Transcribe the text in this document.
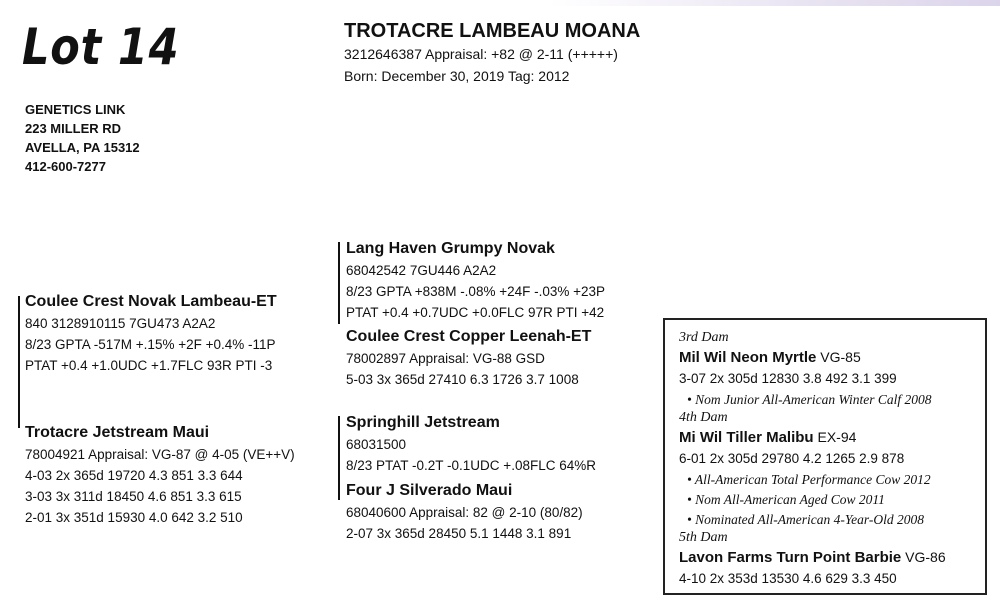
Lot 14
GENETICS LINK
223 MILLER RD
AVELLA, PA 15312
412-600-7277
TROTACRE LAMBEAU MOANA
3212646387 Appraisal: +82 @ 2-11 (+++++)
Born: December 30, 2019 Tag: 2012
Lang Haven Grumpy Novak
68042542 7GU446 A2A2
8/23 GPTA +838M -.08% +24F -.03% +23P
PTAT +0.4 +0.7UDC +0.0FLC 97R PTI +42
Coulee Crest Novak Lambeau-ET
840 3128910115 7GU473 A2A2
8/23 GPTA -517M +.15% +2F +0.4% -11P
PTAT +0.4 +1.0UDC +1.7FLC 93R PTI -3
Coulee Crest Copper Leenah-ET
78002897 Appraisal: VG-88 GSD
5-03 3x 365d 27410 6.3 1726 3.7 1008
Trotacre Jetstream Maui
78004921 Appraisal: VG-87 @ 4-05 (VE++V)
4-03 2x 365d 19720 4.3 851 3.3 644
3-03 3x 311d 18450 4.6 851 3.3 615
2-01 3x 351d 15930 4.0 642 3.2 510
Springhill Jetstream
68031500
8/23 PTAT -0.2T -0.1UDC +.08FLC 64%R
Four J Silverado Maui
68040600 Appraisal: 82 @ 2-10 (80/82)
2-07 3x 365d 28450 5.1 1448 3.1 891
3rd Dam
Mil Wil Neon Myrtle VG-85
3-07 2x 305d 12830 3.8 492 3.1 399
• Nom Junior All-American Winter Calf 2008
4th Dam
Mi Wil Tiller Malibu EX-94
6-01 2x 305d 29780 4.2 1265 2.9 878
• All-American Total Performance Cow 2012
• Nom All-American Aged Cow 2011
• Nominated All-American 4-Year-Old 2008
5th Dam
Lavon Farms Turn Point Barbie VG-86
4-10 2x 353d 13530 4.6 629 3.3 450
